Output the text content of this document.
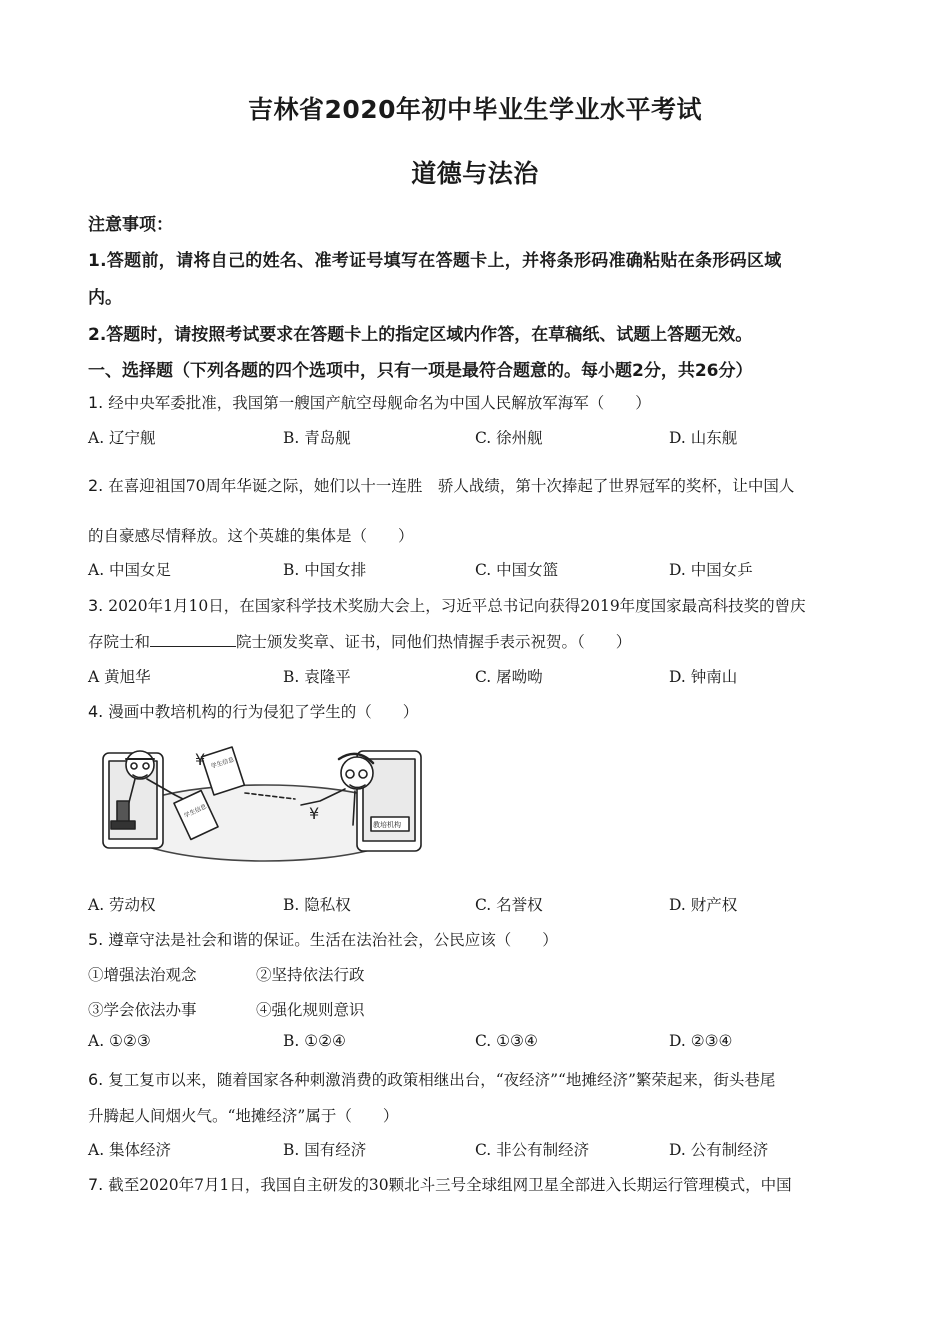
吉林省2020年初中毕业生学业水平考试
道德与法治
注意事项：
1.答题前，请将自己的姓名、准考证号填写在答题卡上，并将条形码准确粘贴在条形码区域
内。
2.答题时，请按照考试要求在答题卡上的指定区域内作答，在草稿纸、试题上答题无效。
一、选择题（下列各题的四个选项中，只有一项是最符合题意的。每小题2分，共26分）
1. 经中央军委批准，我国第一艘国产航空母舰命名为中国人民解放军海军（　　）
A. 辽宁舰	B. 青岛舰	C. 徐州舰	D. 山东舰
2. 在喜迎祖国70周年华诞之际，她们以十一连胜　骄人战绩，第十次捧起了世界冠军的奖杯，让中国人
的自豪感尽情释放。这个英雄的集体是（　　）
A. 中国女足	B. 中国女排	C. 中国女篮	D. 中国女乒
3. 2020年1月10日，在国家科学技术奖励大会上，习近平总书记向获得2019年度国家最高科技奖的曾庆
存院士和	院士颁发奖章、证书，同他们热情握手表示祝贺。（　　）
A 黄旭华	B. 袁隆平	C. 屠呦呦	D. 钟南山
4. 漫画中教培机构的行为侵犯了学生的（　　）
¥
¥
学生信息
学生信息
教培机构
A. 劳动权	B. 隐私权	C. 名誉权	D. 财产权
5. 遵章守法是社会和谐的保证。生活在法治社会，公民应该（　　）
①增强法治观念	②坚持依法行政
③学会依法办事	④强化规则意识
A. ①②③	B. ①②④	C. ①③④	D. ②③④
6. 复工复市以来，随着国家各种刺激消费的政策相继出台，“夜经济”“地摊经济”繁荣起来，街头巷尾
升腾起人间烟火气。“地摊经济”属于（　　）
A. 集体经济	B. 国有经济	C. 非公有制经济	D. 公有制经济
7. 截至2020年7月1日，我国自主研发的30颗北斗三号全球组网卫星全部进入长期运行管理模式，中国
